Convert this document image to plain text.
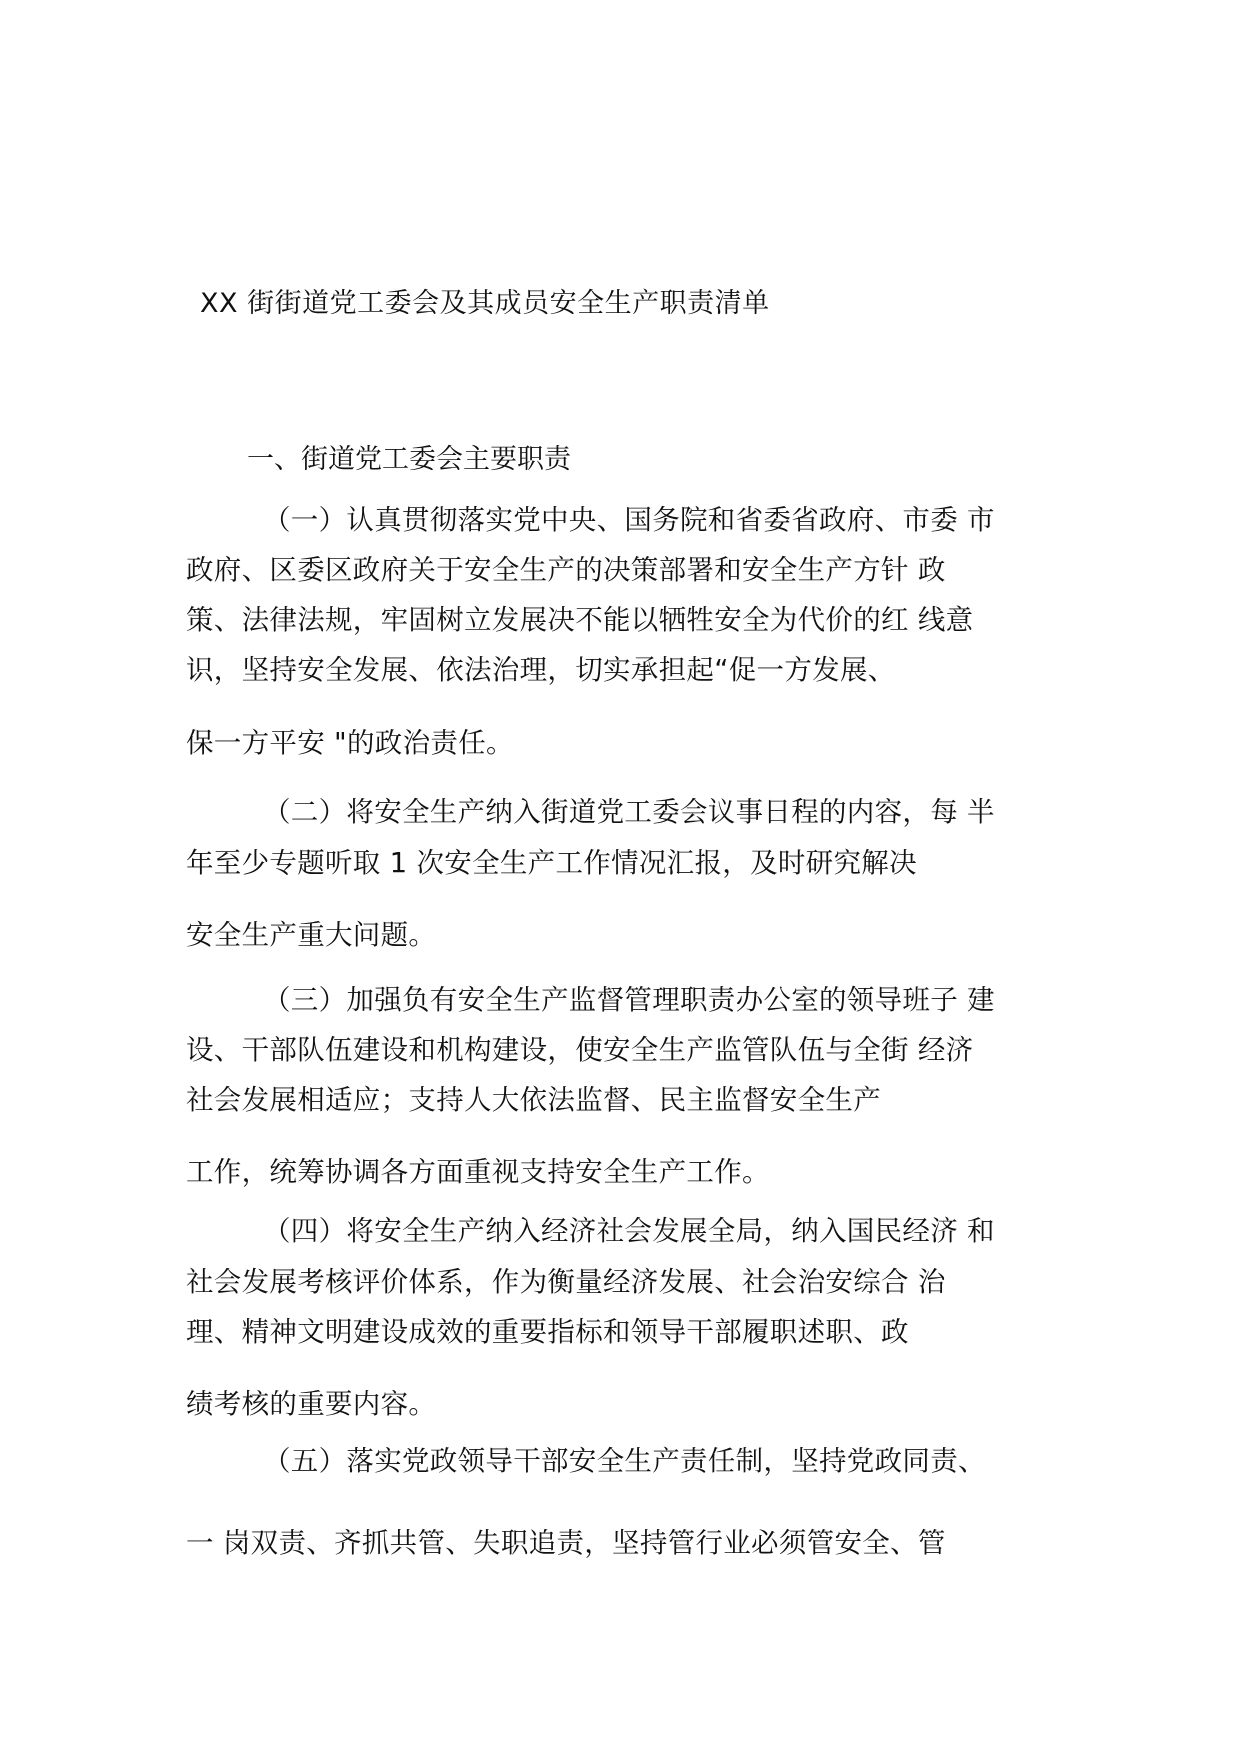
XX 街街道党工委会及其成员安全生产职责清单
一、街道党工委会主要职责
（一）认真贯彻落实党中央、国务院和省委省政府、市委 市
政府、区委区政府关于安全生产的决策部署和安全生产方针 政
策、法律法规，牢固树立发展决不能以牺牲安全为代价的红 线意
识，坚持安全发展、依法治理，切实承担起“促一方发展、
保一方平安 "的政治责任。
（二）将安全生产纳入街道党工委会议事日程的内容，每 半
年至少专题听取 1 次安全生产工作情况汇报，及时研究解决
安全生产重大问题。
（三）加强负有安全生产监督管理职责办公室的领导班子 建
设、干部队伍建设和机构建设，使安全生产监管队伍与全街 经济
社会发展相适应；支持人大依法监督、民主监督安全生产
工作，统筹协调各方面重视支持安全生产工作。
（四）将安全生产纳入经济社会发展全局，纳入国民经济 和
社会发展考核评价体系，作为衡量经济发展、社会治安综合 治
理、精神文明建设成效的重要指标和领导干部履职述职、政
绩考核的重要内容。
（五）落实党政领导干部安全生产责任制，坚持党政同责、
一 岗双责、齐抓共管、失职追责，坚持管行业必须管安全、管
